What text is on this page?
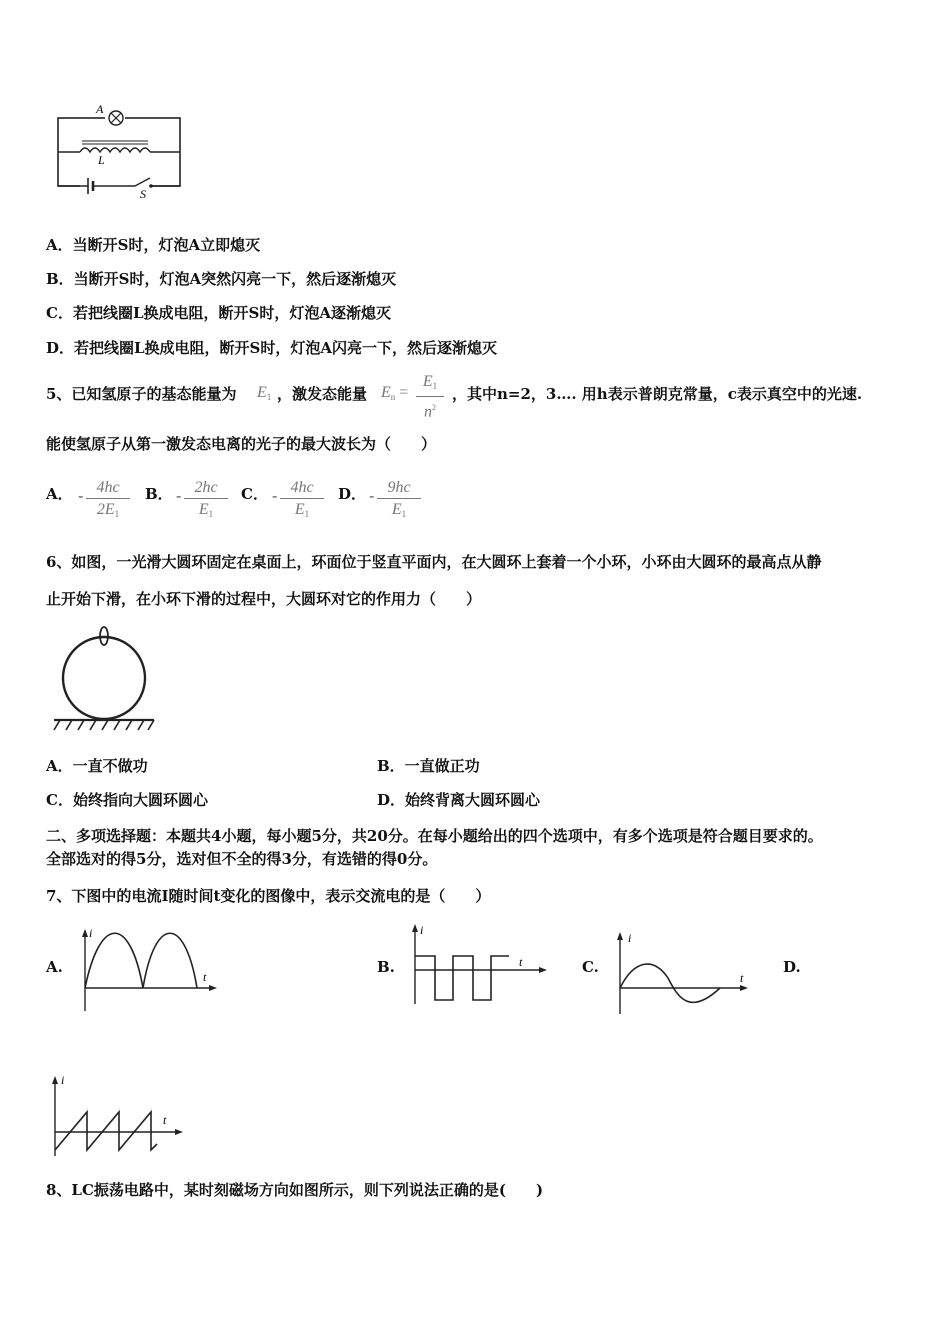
A
L
S
A．当断开S时，灯泡A立即熄灭
B．当断开S时，灯泡A突然闪亮一下，然后逐渐熄灭
C．若把线圈L换成电阻，断开S时，灯泡A逐渐熄灭
D．若把线圈L换成电阻，断开S时，灯泡A闪亮一下，然后逐渐熄灭
5、已知氢原子的基态能量为 $E_1$ ，激发态能量 $E_n = \frac{E_1}{n^2}$ ，其中n=2，3…. 用h表示普朗克常量，c表示真空中的光速.
能使氢原子从第一激发态电离的光子的最大波长为（　　）
A． - $\frac{4hc}{2E_1}$ B． - $\frac{2hc}{E_1}$ C． - $\frac{4hc}{E_1}$ D． - $\frac{9hc}{E_1}$
6、如图，一光滑大圆环固定在桌面上，环面位于竖直平面内，在大圆环上套着一个小环，小环由大圆环的最高点从静
止开始下滑，在小环下滑的过程中，大圆环对它的作用力（　　）
A．一直不做功	B．一直做正功
C．始终指向大圆环圆心	D．始终背离大圆环圆心
二、多项选择题：本题共4小题，每小题5分，共20分。在每小题给出的四个选项中，有多个选项是符合题目要求的。
全部选对的得5分，选对但不全的得3分，有选错的得0分。
7、下图中的电流I随时间t变化的图像中，表示交流电的是（　　）
A.
i
t
B.
i
t	C.
i
t
D.
i
t
8、LC振荡电路中，某时刻磁场方向如图所示，则下列说法正确的是(　　)
